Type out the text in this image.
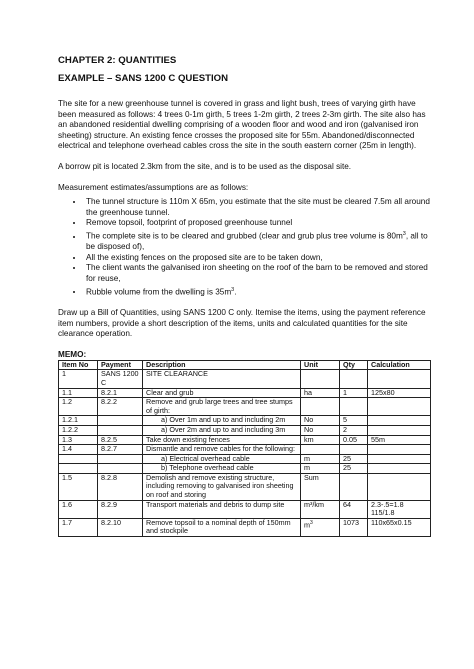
CHAPTER 2: QUANTITIES

EXAMPLE – SANS 1200 C QUESTION

The site for a new greenhouse tunnel is covered in grass and light bush, trees of varying girth have been measured as follows: 4 trees 0-1m girth, 5 trees 1-2m girth, 2 trees 2-3m girth. The site also has an abandoned residential dwelling comprising of a wooden floor and wood and iron (galvanised iron sheeting) structure. An existing fence crosses the proposed site for 55m. Abandoned/disconnected electrical and telephone overhead cables cross the site in the south eastern corner (25m in length).

A borrow pit is located 2.3km from the site, and is to be used as the disposal site.

Measurement estimates/assumptions are as follows:

• The tunnel structure is 110m X 65m, you estimate that the site must be cleared 7.5m all around the greenhouse tunnel.
• Remove topsoil, footprint of proposed greenhouse tunnel
• The complete site is to be cleared and grubbed (clear and grub plus tree volume is $80m^3$, all to be disposed of),
• All the existing fences on the proposed site are to be taken down,
• The client wants the galvanised iron sheeting on the roof of the barn to be removed and stored for reuse,
• Rubble volume from the dwelling is $35m^3$.

Draw up a Bill of Quantities, using SANS 1200 C only. Itemise the items, using the payment reference item numbers, provide a short description of the items, units and calculated quantities for the site clearance operation.

MEMO:

Item No	Payment	Description	Unit	Qty	Calculation
1	SANS 1200 C	SITE CLEARANCE			
1.1	8.2.1	Clear and grub	ha	1	125x80
1.2	8.2.2	Remove and grub large trees and tree stumps of girth:			
1.2.1		a) Over 1m and up to and including 2m	No	5	
1.2.2		a) Over 2m and up to and including 3m	No	2	
1.3	8.2.5	Take down existing fences	km	0.05	55m
1.4	8.2.7	Dismantle and remove cables for the following:			
		a) Electrical overhead cable	m	25	
		b) Telephone overhead cable	m	25	
1.5	8.2.8	Demolish and remove existing structure, including removing to galvanised iron sheeting on roof and storing	Sum		
1.6	8.2.9	Transport materials and debris to dump site	m³/km	64	2.3-.5=1.8 115/1.8
1.7	8.2.10	Remove topsoil to a nominal depth of 150mm and stockpile	$m^3$	1073	110x65x0.15
